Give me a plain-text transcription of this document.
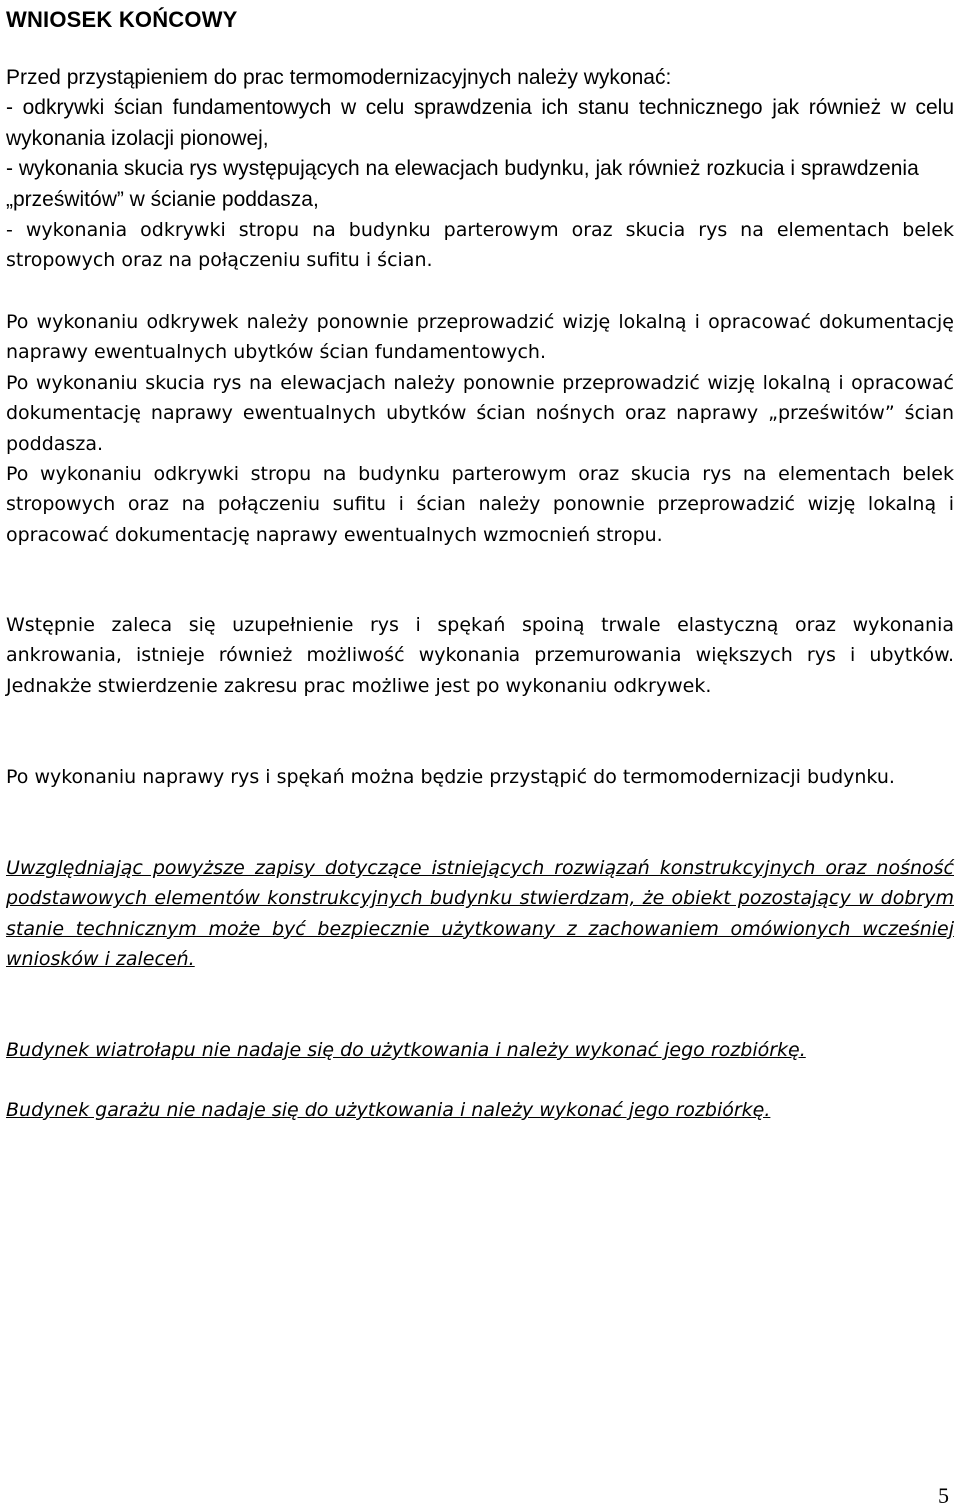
WNIOSEK KOŃCOWY

Przed przystąpieniem do prac termomodernizacyjnych należy wykonać:

- odkrywki ścian fundamentowych w celu sprawdzenia ich stanu technicznego jak również w celu wykonania izolacji pionowej,

- wykonania skucia rys występujących na elewacjach budynku, jak również rozkucia i sprawdzenia „prześwitów” w ścianie poddasza,

- wykonania odkrywki stropu na budynku parterowym oraz skucia rys na elementach belek stropowych oraz na połączeniu sufitu i ścian.

Po wykonaniu odkrywek należy ponownie przeprowadzić wizję lokalną i opracować dokumentację naprawy ewentualnych ubytków ścian fundamentowych.

Po wykonaniu skucia rys na elewacjach należy ponownie przeprowadzić wizję lokalną i opracować dokumentację naprawy ewentualnych ubytków ścian nośnych oraz naprawy „prześwitów” ścian poddasza.

Po wykonaniu odkrywki stropu na budynku parterowym oraz skucia rys na elementach belek stropowych oraz na połączeniu sufitu i ścian należy ponownie przeprowadzić wizję lokalną i opracować dokumentację naprawy ewentualnych wzmocnień stropu.

Wstępnie zaleca się uzupełnienie rys i spękań spoiną trwale elastyczną oraz wykonania ankrowania, istnieje również możliwość wykonania przemurowania większych rys i ubytków. Jednakże stwierdzenie zakresu prac możliwe jest po wykonaniu odkrywek.

Po wykonaniu naprawy rys i spękań można będzie przystąpić do termomodernizacji budynku.

Uwzględniając powyższe zapisy dotyczące istniejących rozwiązań konstrukcyjnych oraz nośność podstawowych elementów konstrukcyjnych budynku stwierdzam, że obiekt pozostający w dobrym stanie technicznym może być bezpiecznie użytkowany z zachowaniem omówionych wcześniej wniosków i zaleceń.

Budynek wiatrołapu nie nadaje się do użytkowania i należy wykonać jego rozbiórkę.

Budynek garażu nie nadaje się do użytkowania i należy wykonać jego rozbiórkę.

5
